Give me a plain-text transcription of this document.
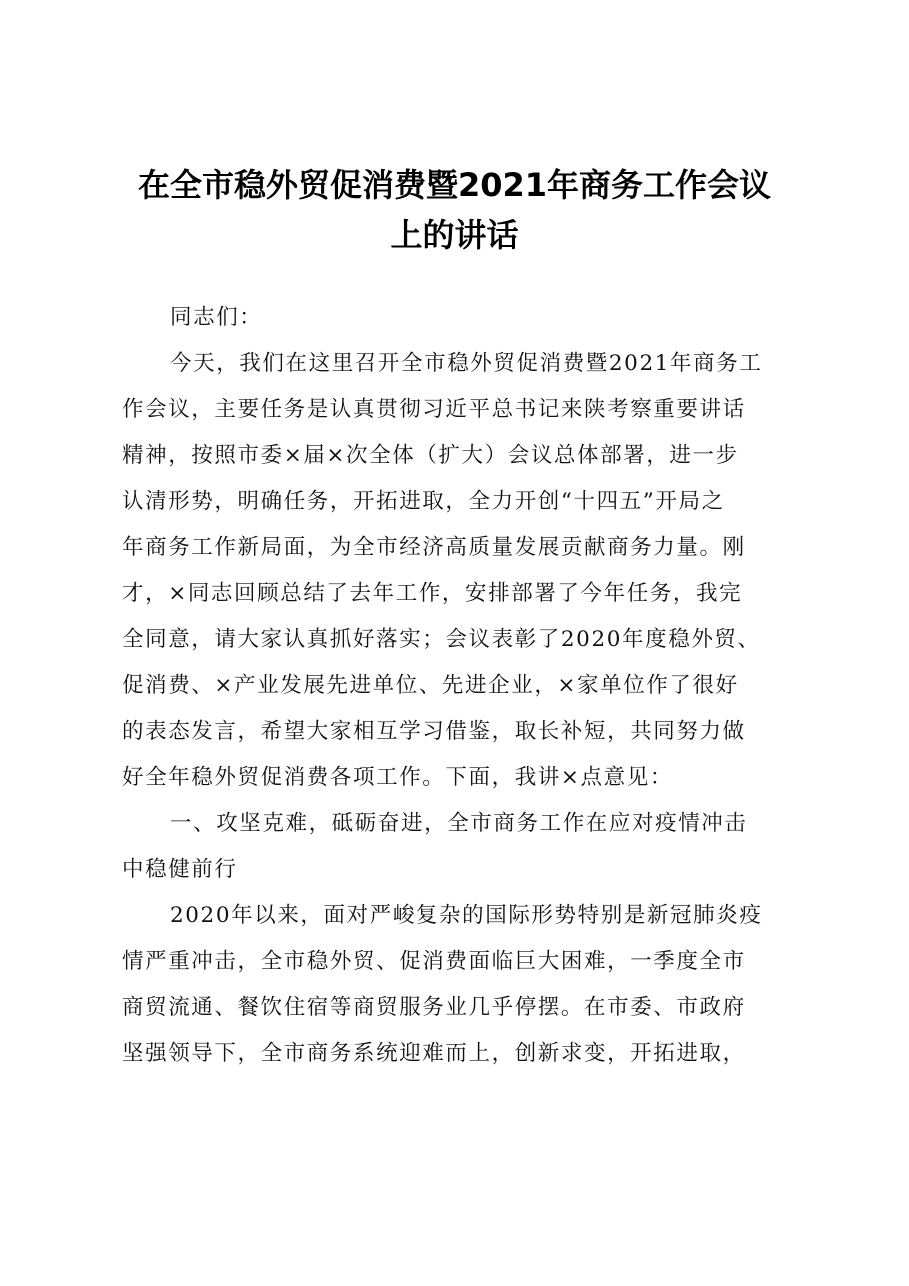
在全市稳外贸促消费暨2021年商务工作会议
上的讲话
同志们：
今天，我们在这里召开全市稳外贸促消费暨2021年商务工
作会议，主要任务是认真贯彻习近平总书记来陕考察重要讲话
精神，按照市委×届×次全体（扩大）会议总体部署，进一步
认清形势，明确任务，开拓进取，全力开创“十四五”开局之
年商务工作新局面，为全市经济高质量发展贡献商务力量。刚
才，×同志回顾总结了去年工作，安排部署了今年任务，我完
全同意，请大家认真抓好落实；会议表彰了2020年度稳外贸、
促消费、×产业发展先进单位、先进企业，×家单位作了很好
的表态发言，希望大家相互学习借鉴，取长补短，共同努力做
好全年稳外贸促消费各项工作。下面，我讲×点意见：
一、攻坚克难，砥砺奋进，全市商务工作在应对疫情冲击
中稳健前行
2020年以来，面对严峻复杂的国际形势特别是新冠肺炎疫
情严重冲击，全市稳外贸、促消费面临巨大困难，一季度全市
商贸流通、餐饮住宿等商贸服务业几乎停摆。在市委、市政府
坚强领导下，全市商务系统迎难而上，创新求变，开拓进取，
